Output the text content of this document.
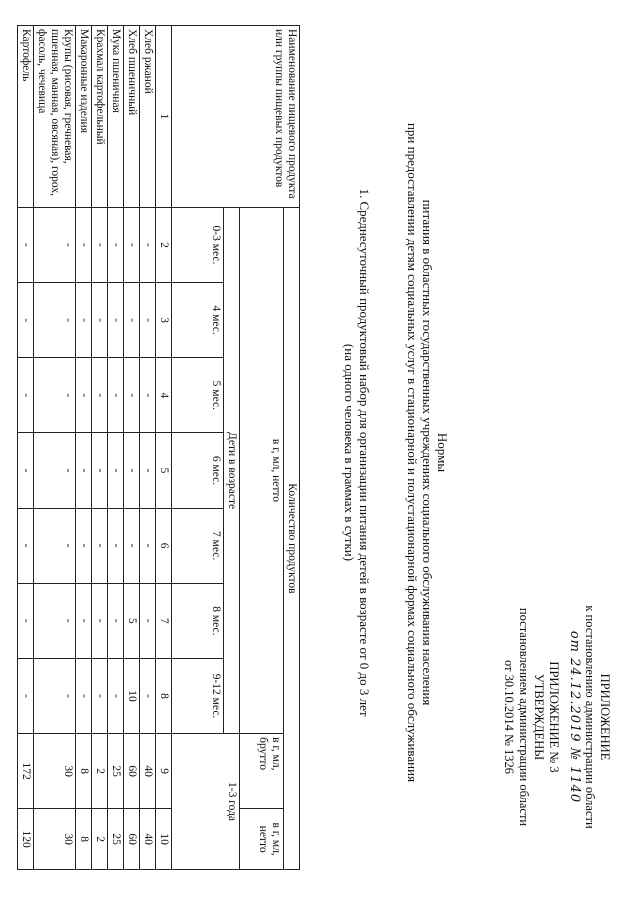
ПРИЛОЖЕНИЕ
к постановлению администрации области
от 24.12.2019 № 1140
ПРИЛОЖЕНИЕ № 3
УТВЕРЖДЕНЫ
постановлением администрации области
от 30.10.2014 № 1326
Нормы
питания в областных государственных учреждениях социального обслуживания населения
при предоставлении детям социальных услуг в стационарной и полустационарной формах социального обслуживания
1. Среднесуточный продуктовый набор для организации питания детей в возрасте от 0 до 3 лет
(на одного человека в граммах в сутки)
Наименование пищевого продукта или группы пищевых продуктов	Количество продуктов								
	в г, мл, нетто							в г, мл, брутто	в г, мл, нетто
	Дети в возрасте							1-3 года	
	0-3 мес.	4 мес.	5 мес.	6 мес.	7 мес.	8 мес.	9-12 мес.		
1	2	3	4	5	6	7	8	9	10
Хлеб ржаной	-	-	-	-	-	-	-	40	40
Хлеб пшеничный	-	-	-	-	-	5	10	60	60
Мука пшеничная	-	-	-	-	-	-	-	25	25
Крахмал картофельный	-	-	-	-	-	-	-	2	2
Макаронные изделия	-	-	-	-	-	-	-	8	8
Крупы (рисовая, гречневая, пшенная, манная, овсяная), горох, фасоль, чечевица	-	-	-	-	-	-	-	30	30
Картофель	-	-	-	-	-	-	-	172	120
